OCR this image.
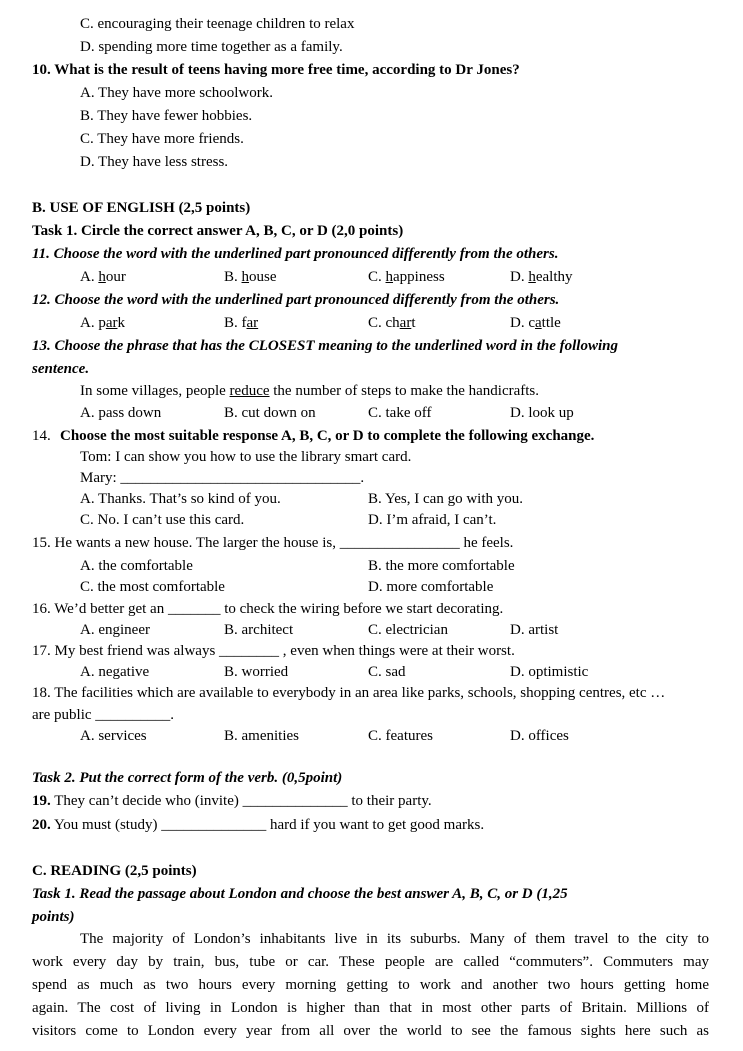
C. encouraging their teenage children to relax
D. spending more time together as a family.
10. What is the result of teens having more free time, according to Dr Jones?
A. They have more schoolwork.
B. They have fewer hobbies.
C. They have more friends.
D. They have less stress.
B. USE OF ENGLISH (2,5 points)
Task 1. Circle the correct answer A, B, C, or D (2,0 points)
11. Choose the word with the underlined part pronounced differently from the others.
A. hour	B. house	C. happiness	D. healthy
12. Choose the word with the underlined part pronounced differently from the others.
A. park	B. far	C. chart	D. cattle
13. Choose the phrase that has the CLOSEST meaning to the underlined word in the following
sentence.
In some villages, people reduce the number of steps to make the handicrafts.
A. pass down	B. cut down on	C. take off	D. look up
14. Choose the most suitable response A, B, C, or D to complete the following exchange.
Tom: I can show you how to use the library smart card.
Mary: ________________________________.
A. Thanks. That’s so kind of you.	B. Yes, I can go with you.
C. No. I can’t use this card.	D. I’m afraid, I can’t.
15. He wants a new house. The larger the house is, ________________ he feels.
A. the comfortable	B. the more comfortable
C. the most comfortable	D. more comfortable
16. We’d better get an _______ to check the wiring before we start decorating.
A. engineer	B. architect	C. electrician	D. artist
17. My best friend was always ________ , even when things were at their worst.
A. negative	B. worried	C. sad	D. optimistic
18. The facilities which are available to everybody in an area like parks, schools, shopping centres, etc …
are public __________.
A. services	B. amenities	C. features	D. offices
Task 2. Put the correct form of the verb. (0,5point)
19. They can’t decide who (invite) ______________ to their party.
20. You must (study) ______________ hard if you want to get good marks.
C. READING (2,5 points)
Task 1. Read the passage about London and choose the best answer A, B, C, or D (1,25
points)
The majority of London’s inhabitants live in its suburbs. Many of them travel to the city to
work every day by train, bus, tube or car. These people are called “commuters”. Commuters may
spend as much as two hours every morning getting to work and another two hours getting home
again. The cost of living in London is higher than that in most other parts of Britain. Millions of
visitors come to London every year from all over the world to see the famous sights here such as
